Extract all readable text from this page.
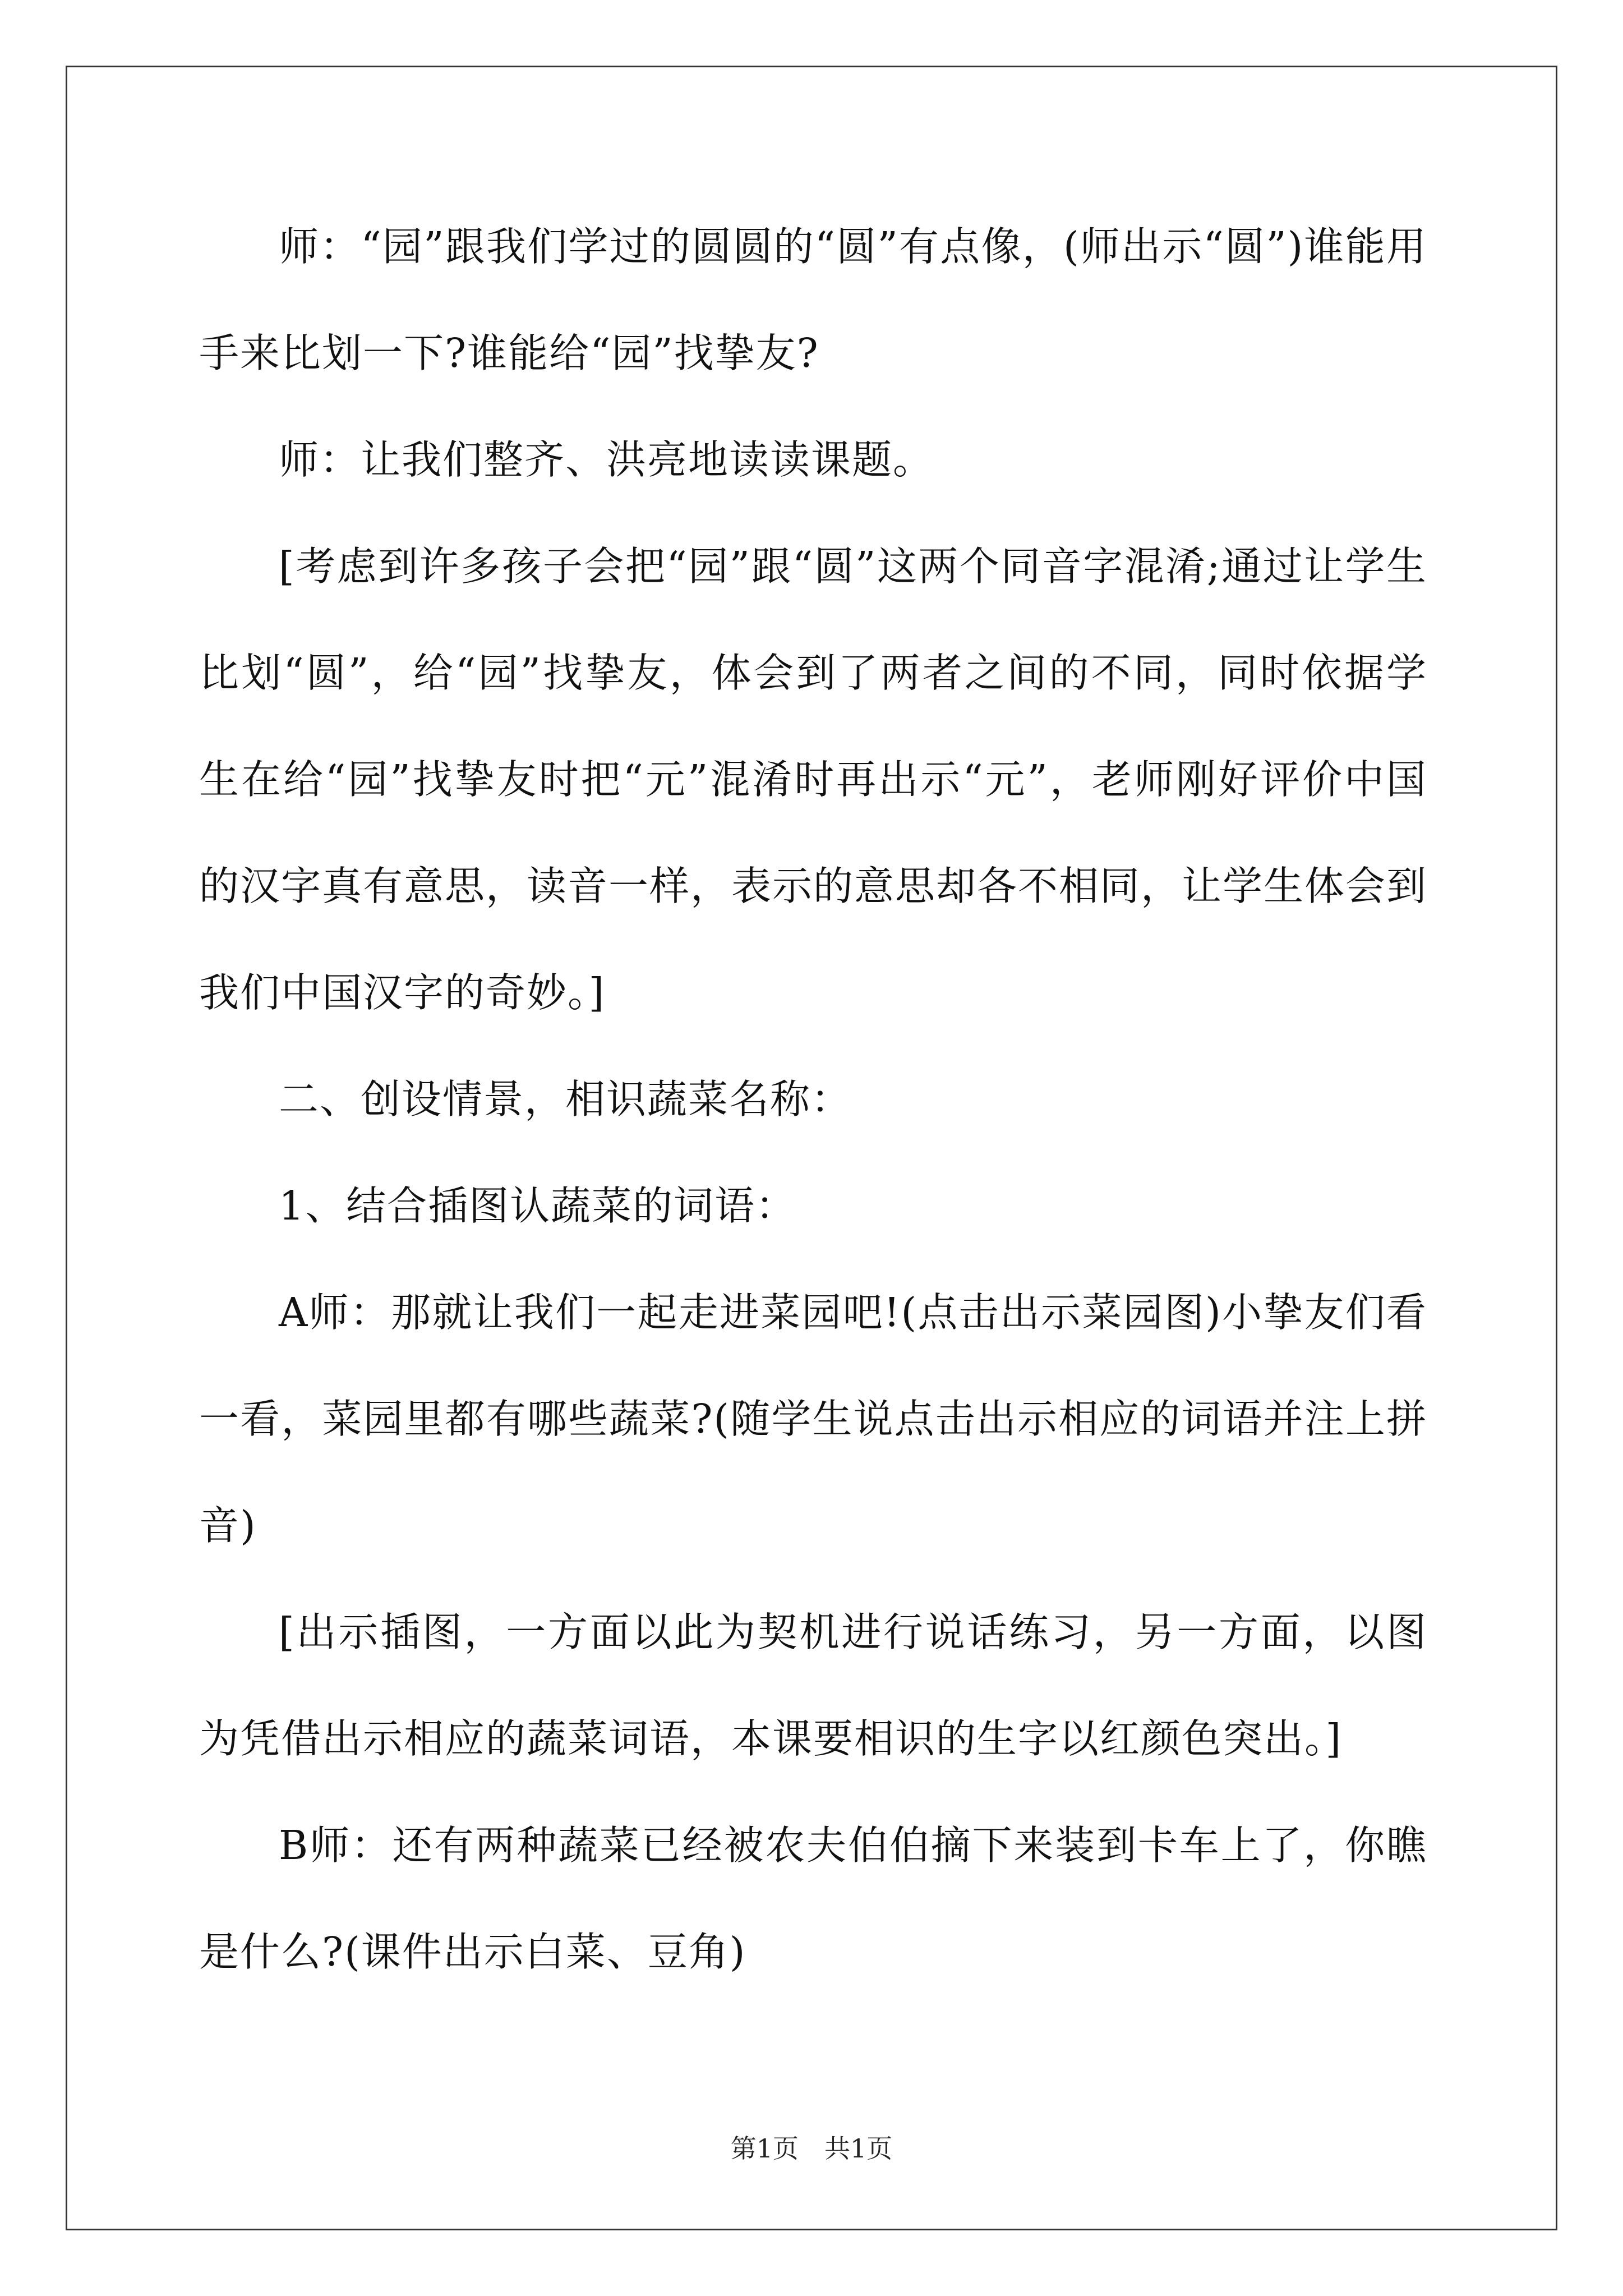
师：“园”跟我们学过的圆圆的“圆”有点像，(师出示“圆”)谁能用手来比划一下?谁能给“园”找挚友?

师：让我们整齐、洪亮地读读课题。

[考虑到许多孩子会把“园”跟“圆”这两个同音字混淆;通过让学生比划“圆”，给“园”找挚友，体会到了两者之间的不同，同时依据学生在给“园”找挚友时把“元”混淆时再出示“元”，老师刚好评价中国的汉字真有意思，读音一样，表示的意思却各不相同，让学生体会到我们中国汉字的奇妙。]

二、创设情景，相识蔬菜名称：

1、结合插图认蔬菜的词语：

A师：那就让我们一起走进菜园吧!(点击出示菜园图)小挚友们看一看，菜园里都有哪些蔬菜?(随学生说点击出示相应的词语并注上拼音)

[出示插图，一方面以此为契机进行说话练习，另一方面，以图为凭借出示相应的蔬菜词语，本课要相识的生字以红颜色突出。]

B师：还有两种蔬菜已经被农夫伯伯摘下来装到卡车上了，你瞧是什么?(课件出示白菜、豆角)

第1页　共1页
